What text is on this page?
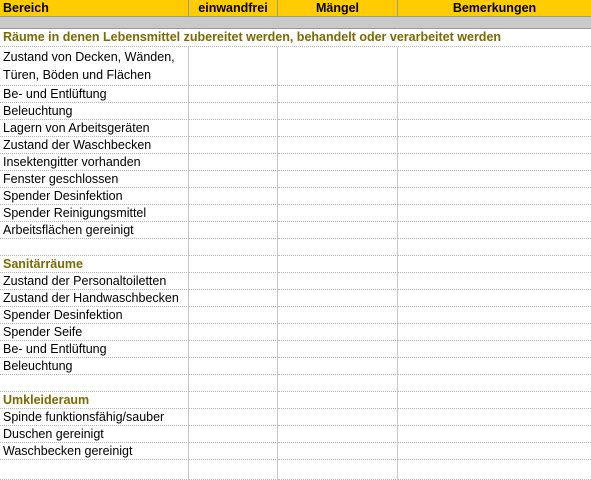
Bereich	einwandfrei	Mängel	Bemerkungen
Räume in denen Lebensmittel zubereitet werden, behandelt oder verarbeitet werden
Zustand von Decken, Wänden, Türen, Böden und Flächen
Be- und Entlüftung
Beleuchtung
Lagern von Arbeitsgeräten
Zustand der Waschbecken
Insektengitter vorhanden
Fenster geschlossen
Spender Desinfektion
Spender Reinigungsmittel
Arbeitsflächen gereinigt
Sanitärräume
Zustand der Personaltoiletten
Zustand der Handwaschbecken
Spender Desinfektion
Spender Seife
Be- und Entlüftung
Beleuchtung
Umkleideraum
Spinde funktionsfähig/sauber
Duschen gereinigt
Waschbecken gereinigt
